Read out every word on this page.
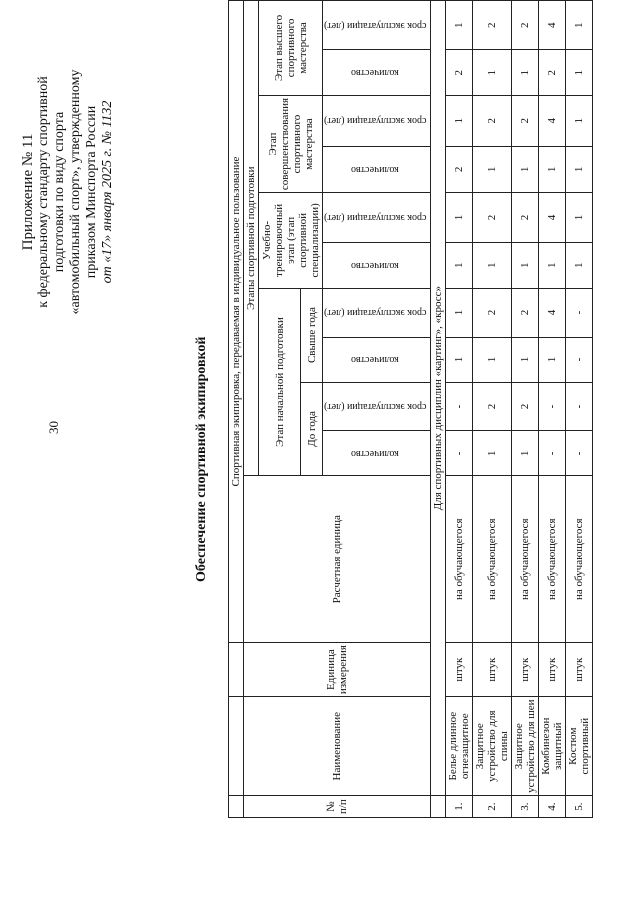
30
Приложение № 11 к федеральному стандарту спортивной подготовки по виду спорта «автомобильный спорт», утвержденному приказом Минспорта России от «17» января 2025 г. № 1132
Обеспечение спортивной экипировкой
			Спортивная экипировка, передаваемая в индивидуальное пользование										
№ п/п	Наименование	Единица измерения	Расчетная единица	Этапы спортивной подготовки									
				Этап начальной подготовки				Учебно-тренировочный этап (этап спортивной специализации)		Этап совершенствования спортивного мастерства		Этап высшего спортивного мастерства	
				До года		Свыше года							
				количество	срок эксплуатации (лет)	количество	срок эксплуатации (лет)	количество	срок эксплуатации (лет)	количество	срок эксплуатации (лет)	количество	срок эксплуатации (лет)
	Для спортивных дисциплин «картинг», «кросс»												
1.	Белье длинное огнезащитное	штук	на обучающегося	-	-	1	1	1	1	2	1	2	1
2.	Защитное устройство для спины	штук	на обучающегося	1	2	1	2	1	2	1	2	1	2
3.	Защитное устройство для шеи	штук	на обучающегося	1	2	1	2	1	2	1	2	1	2
4.	Комбинезон защитный	штук	на обучающегося	-	-	1	4	1	4	1	4	2	4
5.	Костюм спортивный	штук	на обучающегося	-	-	-	-	1	1	1	1	1	1
